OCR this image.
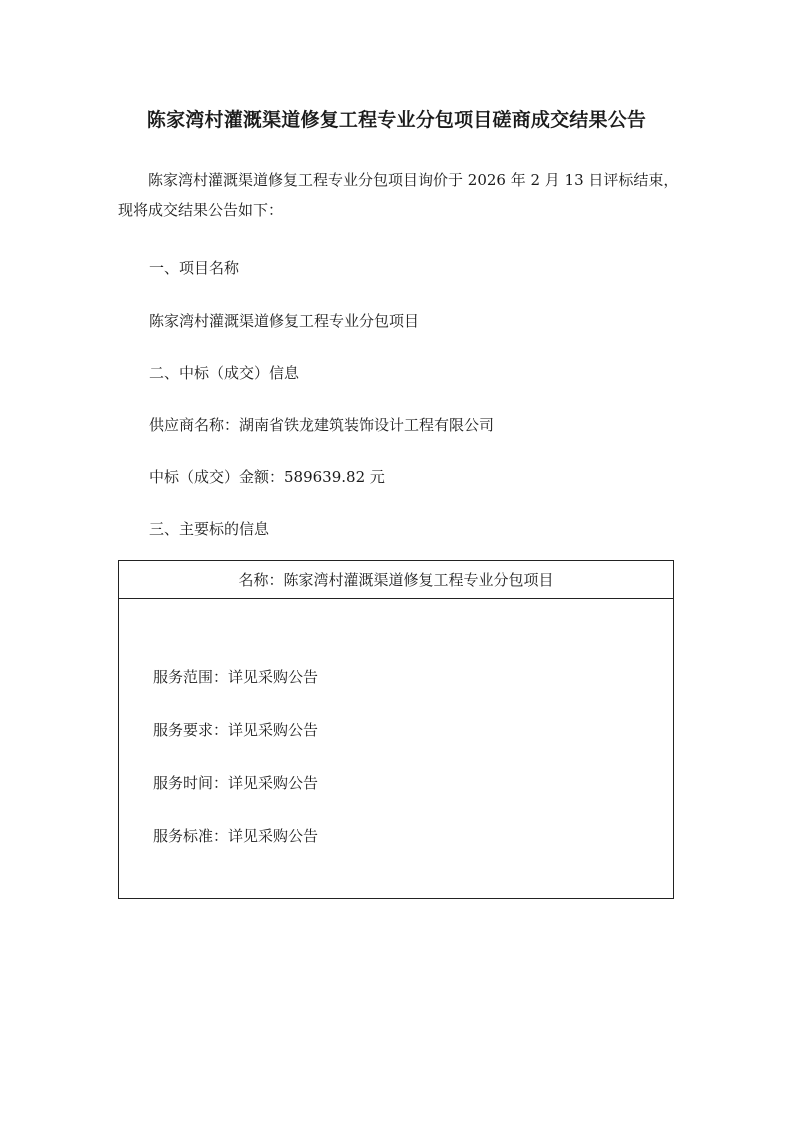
陈家湾村灌溉渠道修复工程专业分包项目磋商成交结果公告

陈家湾村灌溉渠道修复工程专业分包项目询价于 2026 年 2 月 13 日评标结束，现将成交结果公告如下：

一、项目名称

陈家湾村灌溉渠道修复工程专业分包项目

二、中标（成交）信息

供应商名称：湖南省铁龙建筑装饰设计工程有限公司

中标（成交）金额：589639.82 元

三、主要标的信息

名称：陈家湾村灌溉渠道修复工程专业分包项目

服务范围：详见采购公告

服务要求：详见采购公告

服务时间：详见采购公告

服务标准：详见采购公告
